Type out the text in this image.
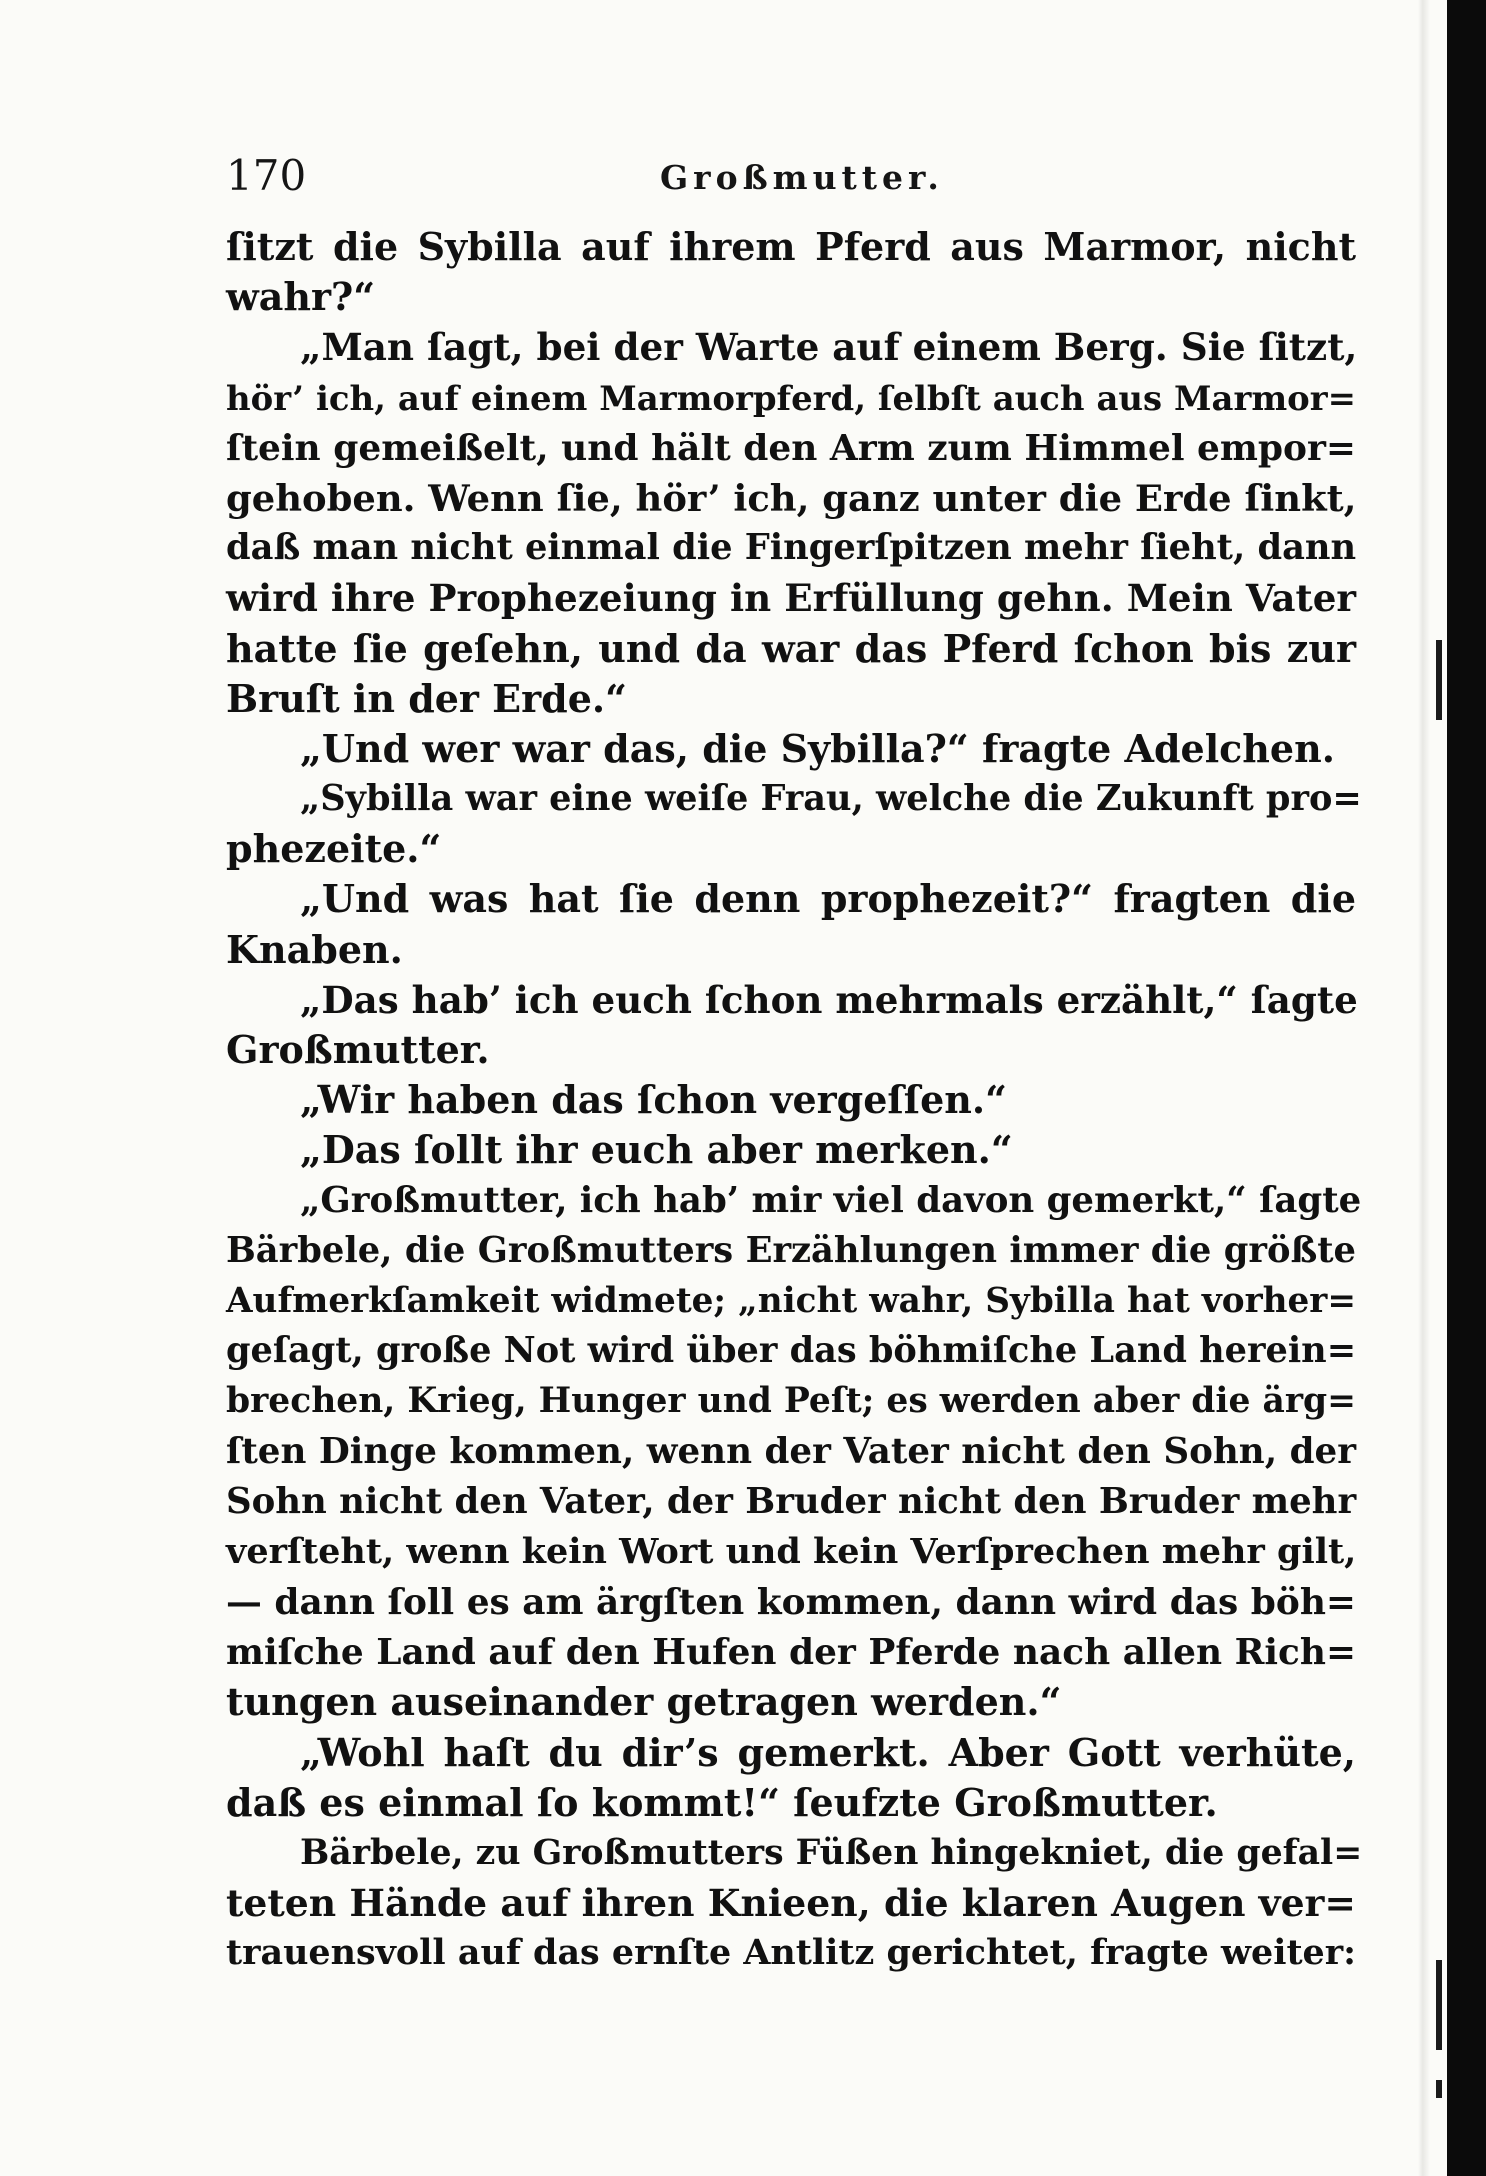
170	Großmutter.
ſitzt die Sybilla auf ihrem Pferd aus Marmor, nicht
wahr?“
„Man ſagt, bei der Warte auf einem Berg. Sie ſitzt,
hör’ ich, auf einem Marmorpferd, ſelbſt auch aus Marmor=
ſtein gemeißelt, und hält den Arm zum Himmel empor=
gehoben. Wenn ſie, hör’ ich, ganz unter die Erde ſinkt,
daß man nicht einmal die Fingerſpitzen mehr ſieht, dann
wird ihre Prophezeiung in Erfüllung gehn. Mein Vater
hatte ſie geſehn, und da war das Pferd ſchon bis zur
Bruſt in der Erde.“
„Und wer war das, die Sybilla?“ fragte Adelchen.
„Sybilla war eine weiſe Frau, welche die Zukunft pro=
phezeite.“
„Und was hat ſie denn prophezeit?“ fragten die
Knaben.
„Das hab’ ich euch ſchon mehrmals erzählt,“ ſagte
Großmutter.
„Wir haben das ſchon vergeſſen.“
„Das ſollt ihr euch aber merken.“
„Großmutter, ich hab’ mir viel davon gemerkt,“ ſagte
Bärbele, die Großmutters Erzählungen immer die größte
Aufmerkſamkeit widmete; „nicht wahr, Sybilla hat vorher=
geſagt, große Not wird über das böhmiſche Land herein=
brechen, Krieg, Hunger und Peſt; es werden aber die ärg=
ſten Dinge kommen, wenn der Vater nicht den Sohn, der
Sohn nicht den Vater, der Bruder nicht den Bruder mehr
verſteht, wenn kein Wort und kein Verſprechen mehr gilt,
— dann ſoll es am ärgſten kommen, dann wird das böh=
miſche Land auf den Hufen der Pferde nach allen Rich=
tungen auseinander getragen werden.“
„Wohl haſt du dir’s gemerkt. Aber Gott verhüte,
daß es einmal ſo kommt!“ ſeufzte Großmutter.
Bärbele, zu Großmutters Füßen hingekniet, die gefal=
teten Hände auf ihren Knieen, die klaren Augen ver=
trauensvoll auf das ernſte Antlitz gerichtet, fragte weiter:
